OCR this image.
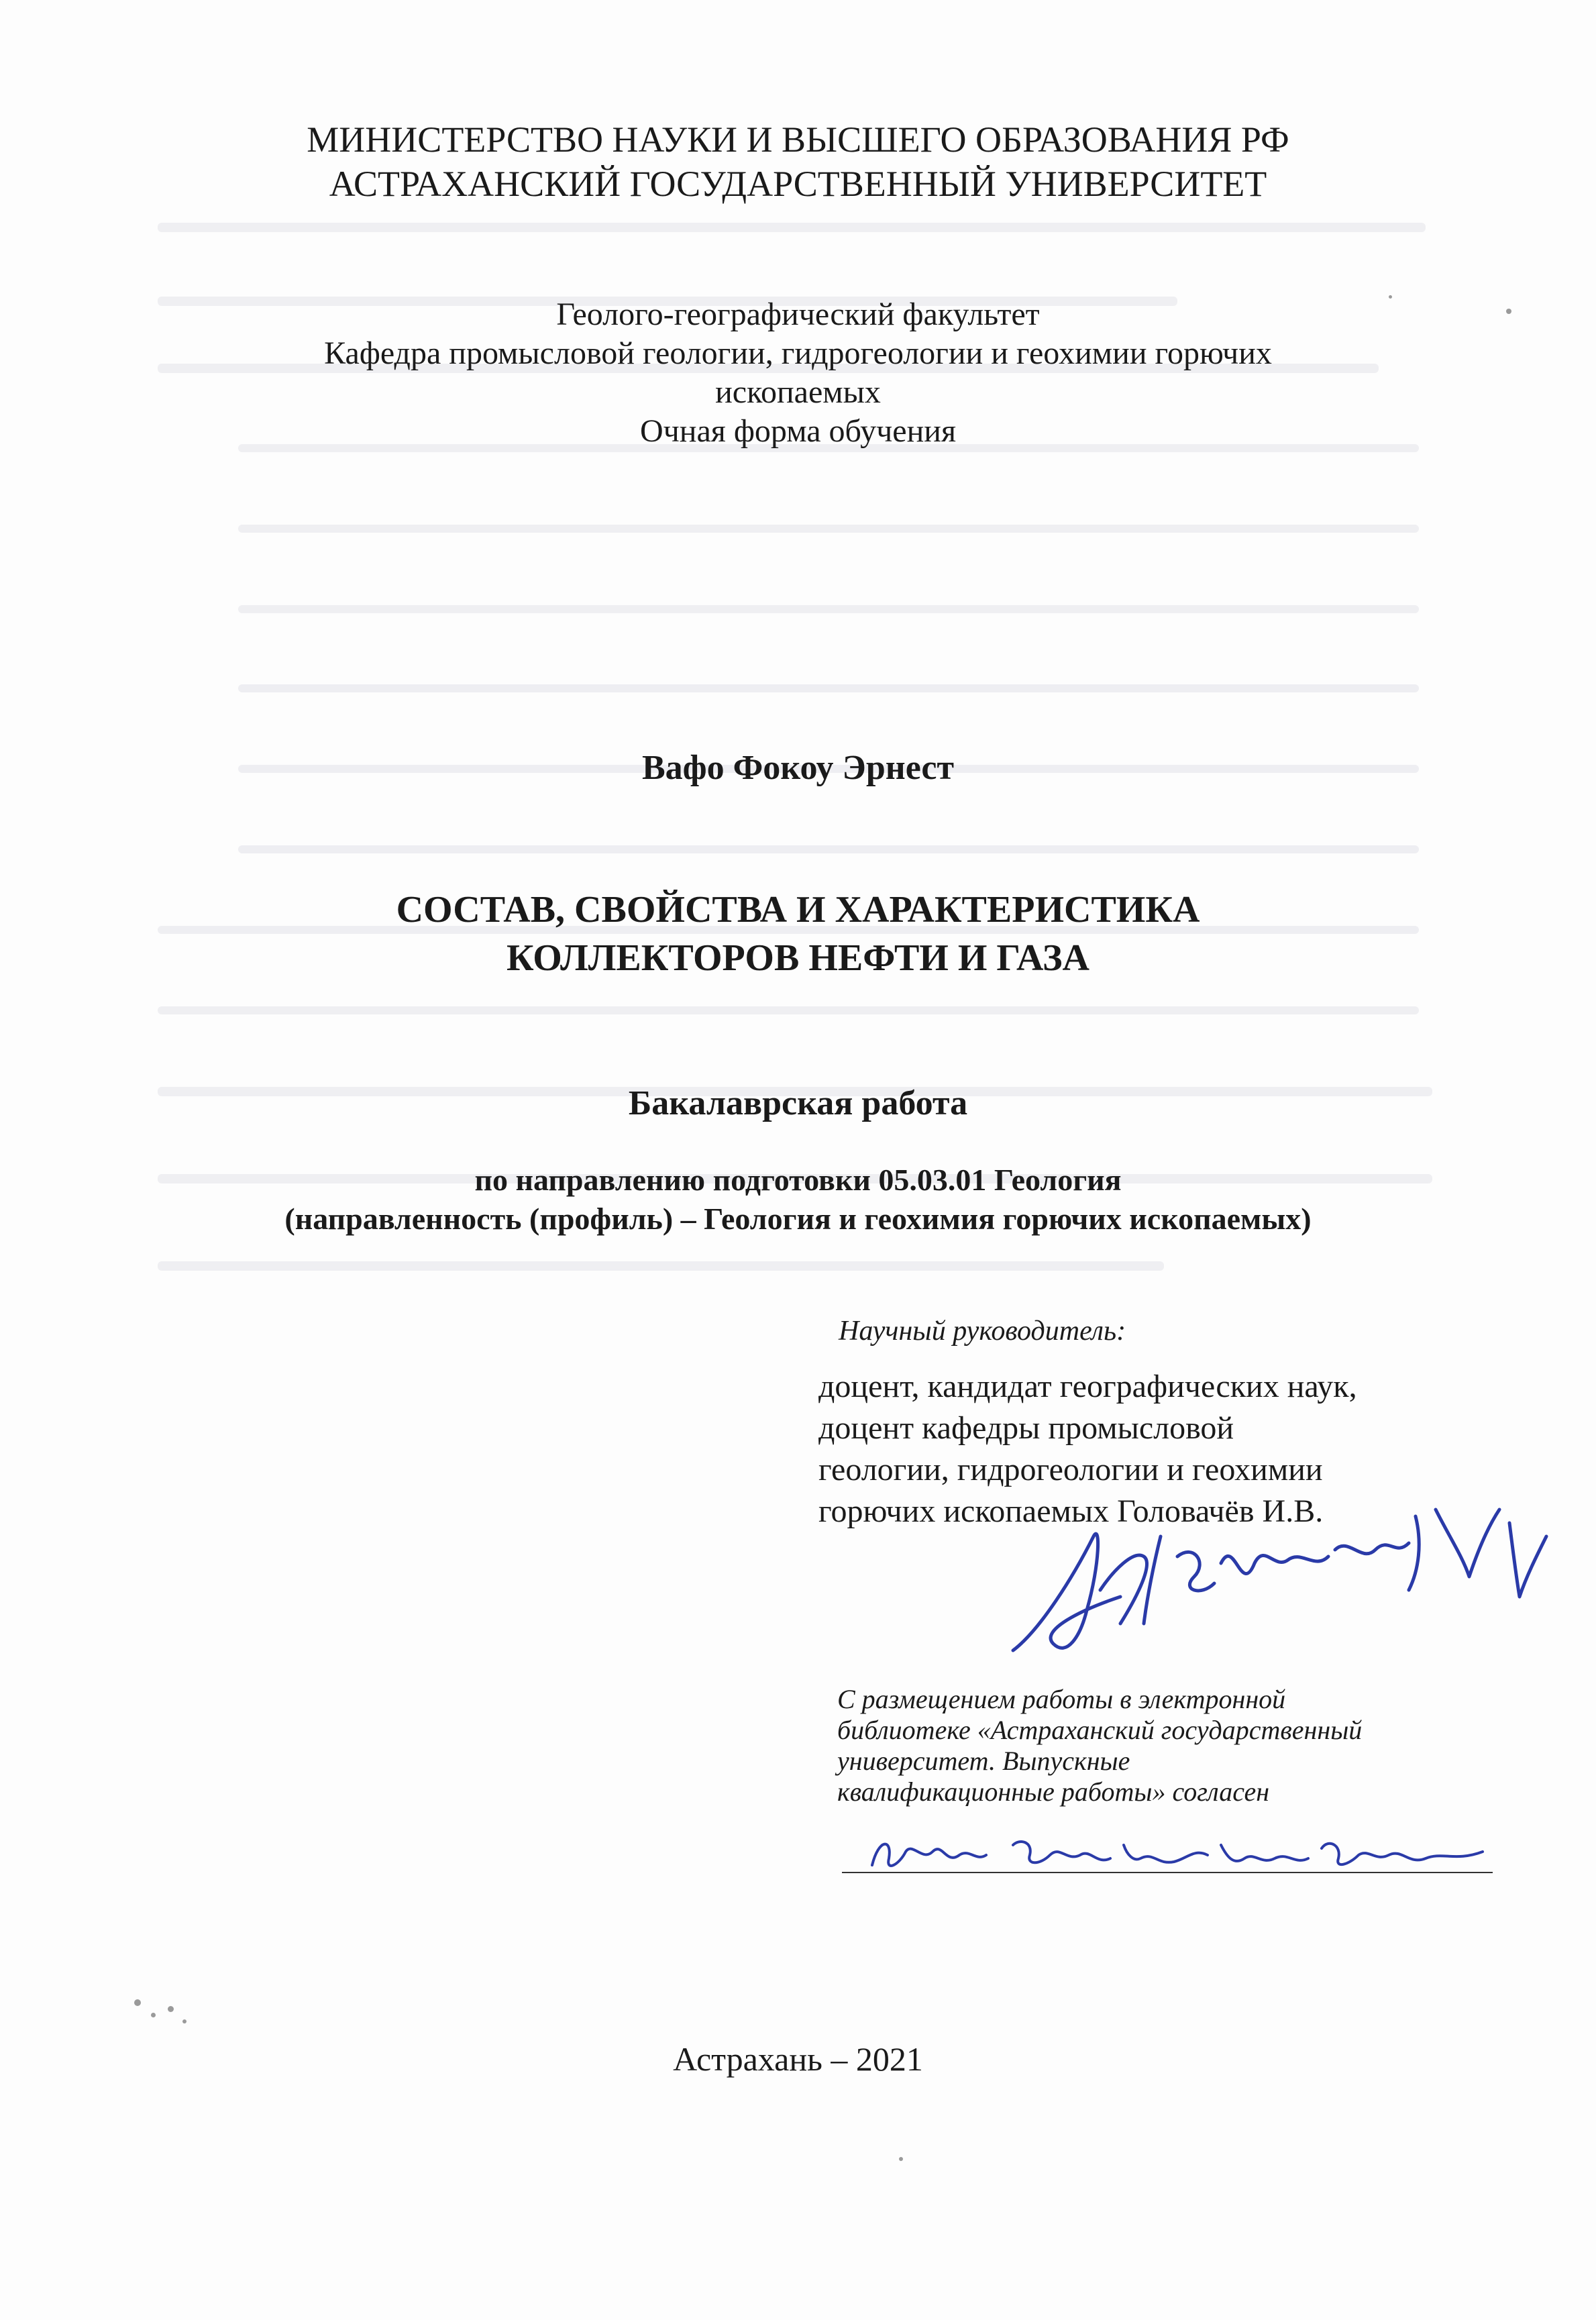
МИНИСТЕРСТВО НАУКИ И ВЫСШЕГО ОБРАЗОВАНИЯ РФ
АСТРАХАНСКИЙ ГОСУДАРСТВЕННЫЙ УНИВЕРСИТЕТ
Геолого-географический факультет
Кафедра промысловой геологии, гидрогеологии и геохимии горючих
ископаемых
Очная форма обучения
Вафо Фокоу Эрнест
СОСТАВ, СВОЙСТВА И ХАРАКТЕРИСТИКА
КОЛЛЕКТОРОВ НЕФТИ И ГАЗА
Бакалаврская работа
по направлению подготовки 05.03.01 Геология
(направленность (профиль) – Геология и геохимия горючих ископаемых)
Научный руководитель:
доцент, кандидат географических наук,
доцент кафедры промысловой
геологии, гидрогеологии и геохимии
горючих ископаемых Головачёв И.В.
С размещением работы в электронной
библиотеке «Астраханский государственный
университет. Выпускные
квалификационные работы» согласен
Астрахань – 2021
